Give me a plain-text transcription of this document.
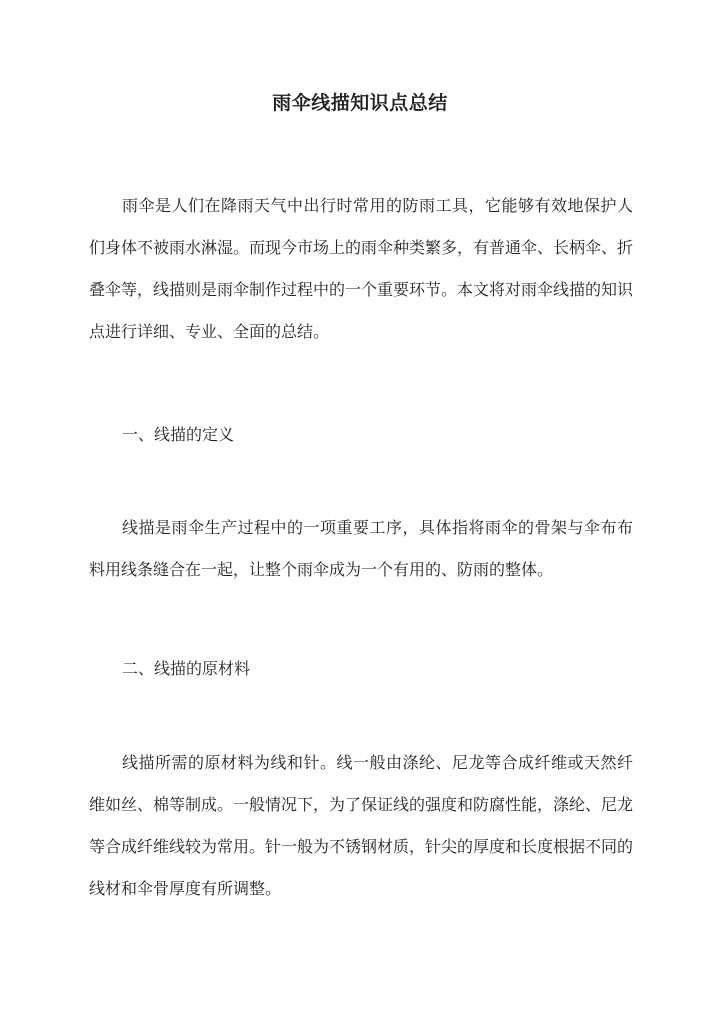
雨伞线描知识点总结
雨伞是人们在降雨天气中出行时常用的防雨工具，它能够有效地保护人们身体不被雨水淋湿。而现今市场上的雨伞种类繁多，有普通伞、长柄伞、折叠伞等，线描则是雨伞制作过程中的一个重要环节。本文将对雨伞线描的知识点进行详细、专业、全面的总结。
一、线描的定义
线描是雨伞生产过程中的一项重要工序，具体指将雨伞的骨架与伞布布料用线条缝合在一起，让整个雨伞成为一个有用的、防雨的整体。
二、线描的原材料
线描所需的原材料为线和针。线一般由涤纶、尼龙等合成纤维或天然纤维如丝、棉等制成。一般情况下，为了保证线的强度和防腐性能，涤纶、尼龙等合成纤维线较为常用。针一般为不锈钢材质，针尖的厚度和长度根据不同的线材和伞骨厚度有所调整。
